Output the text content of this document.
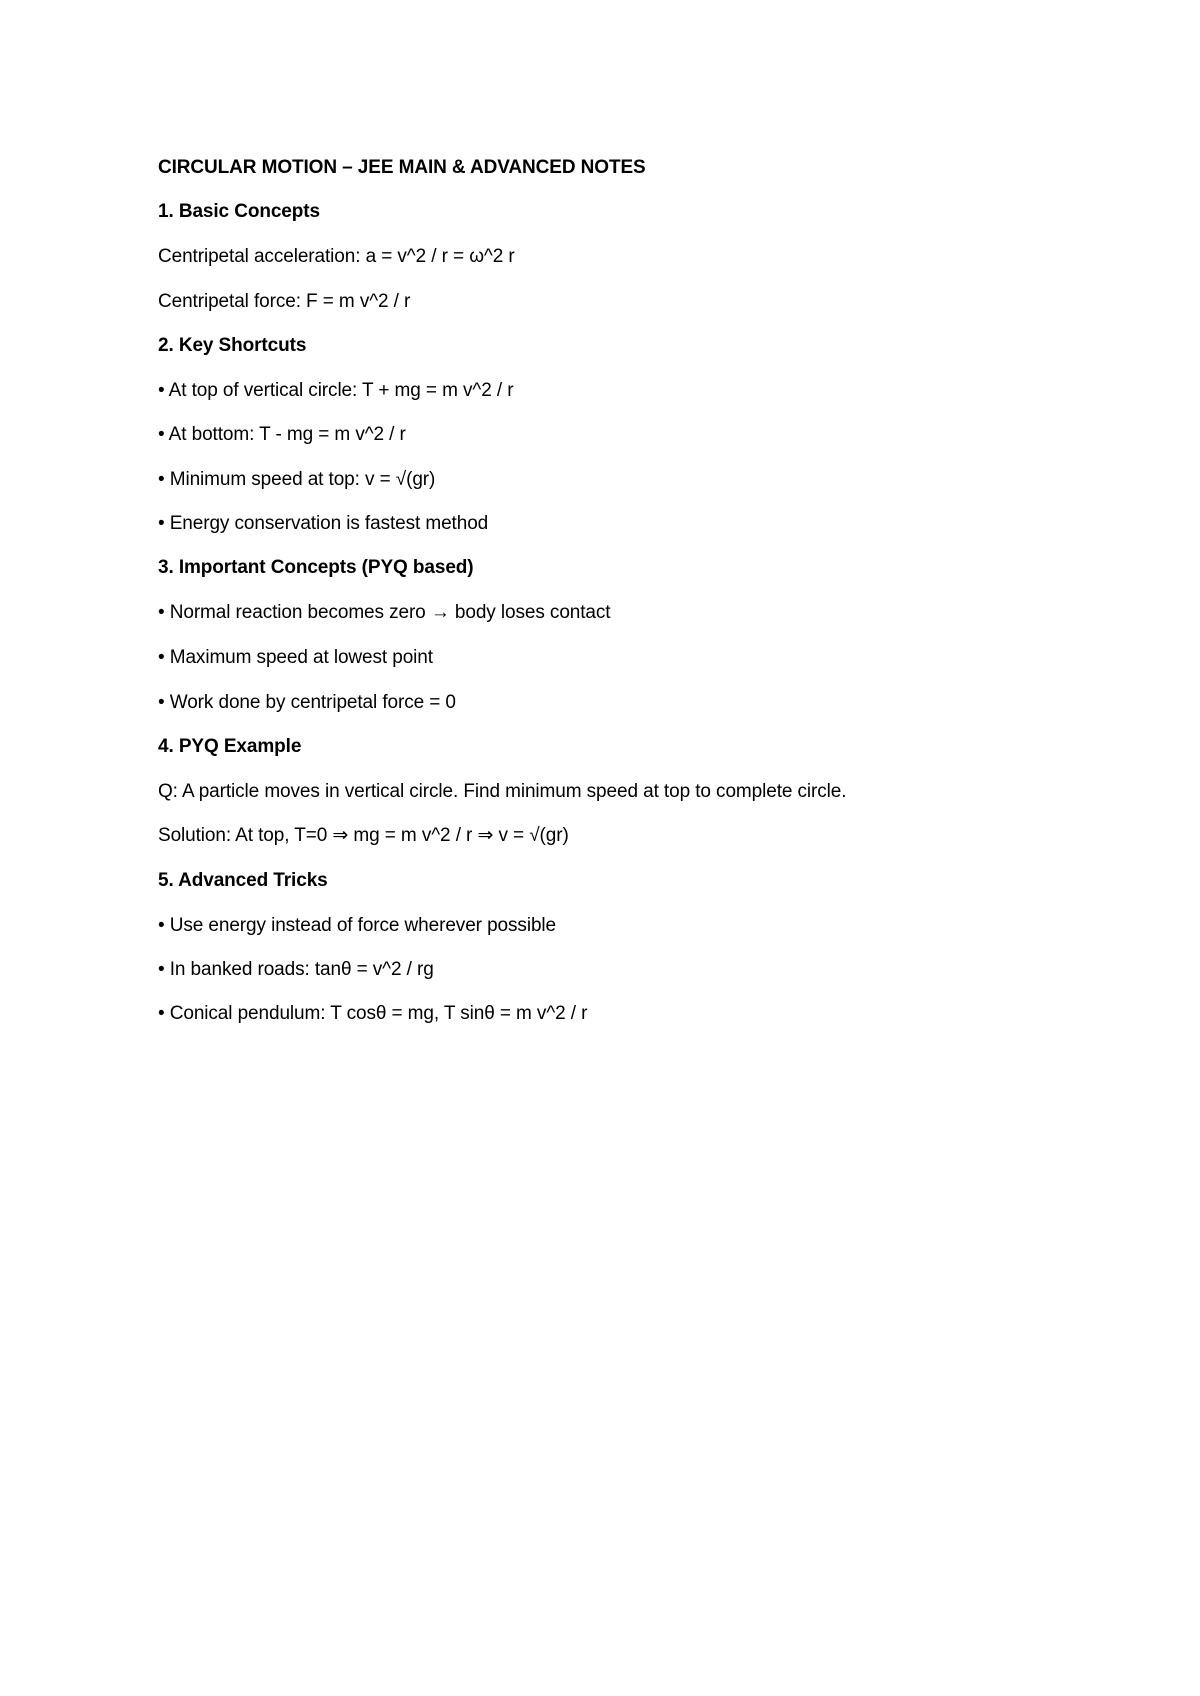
CIRCULAR MOTION – JEE MAIN & ADVANCED NOTES
1. Basic Concepts
Centripetal acceleration: a = v^2 / r = ω^2 r
Centripetal force: F = m v^2 / r
2. Key Shortcuts
• At top of vertical circle: T + mg = m v^2 / r
• At bottom: T - mg = m v^2 / r
• Minimum speed at top: v = √(gr)
• Energy conservation is fastest method
3. Important Concepts (PYQ based)
• Normal reaction becomes zero → body loses contact
• Maximum speed at lowest point
• Work done by centripetal force = 0
4. PYQ Example
Q: A particle moves in vertical circle. Find minimum speed at top to complete circle.
Solution: At top, T=0 ⇒ mg = m v^2 / r ⇒ v = √(gr)
5. Advanced Tricks
• Use energy instead of force wherever possible
• In banked roads: tanθ = v^2 / rg
• Conical pendulum: T cosθ = mg, T sinθ = m v^2 / r
